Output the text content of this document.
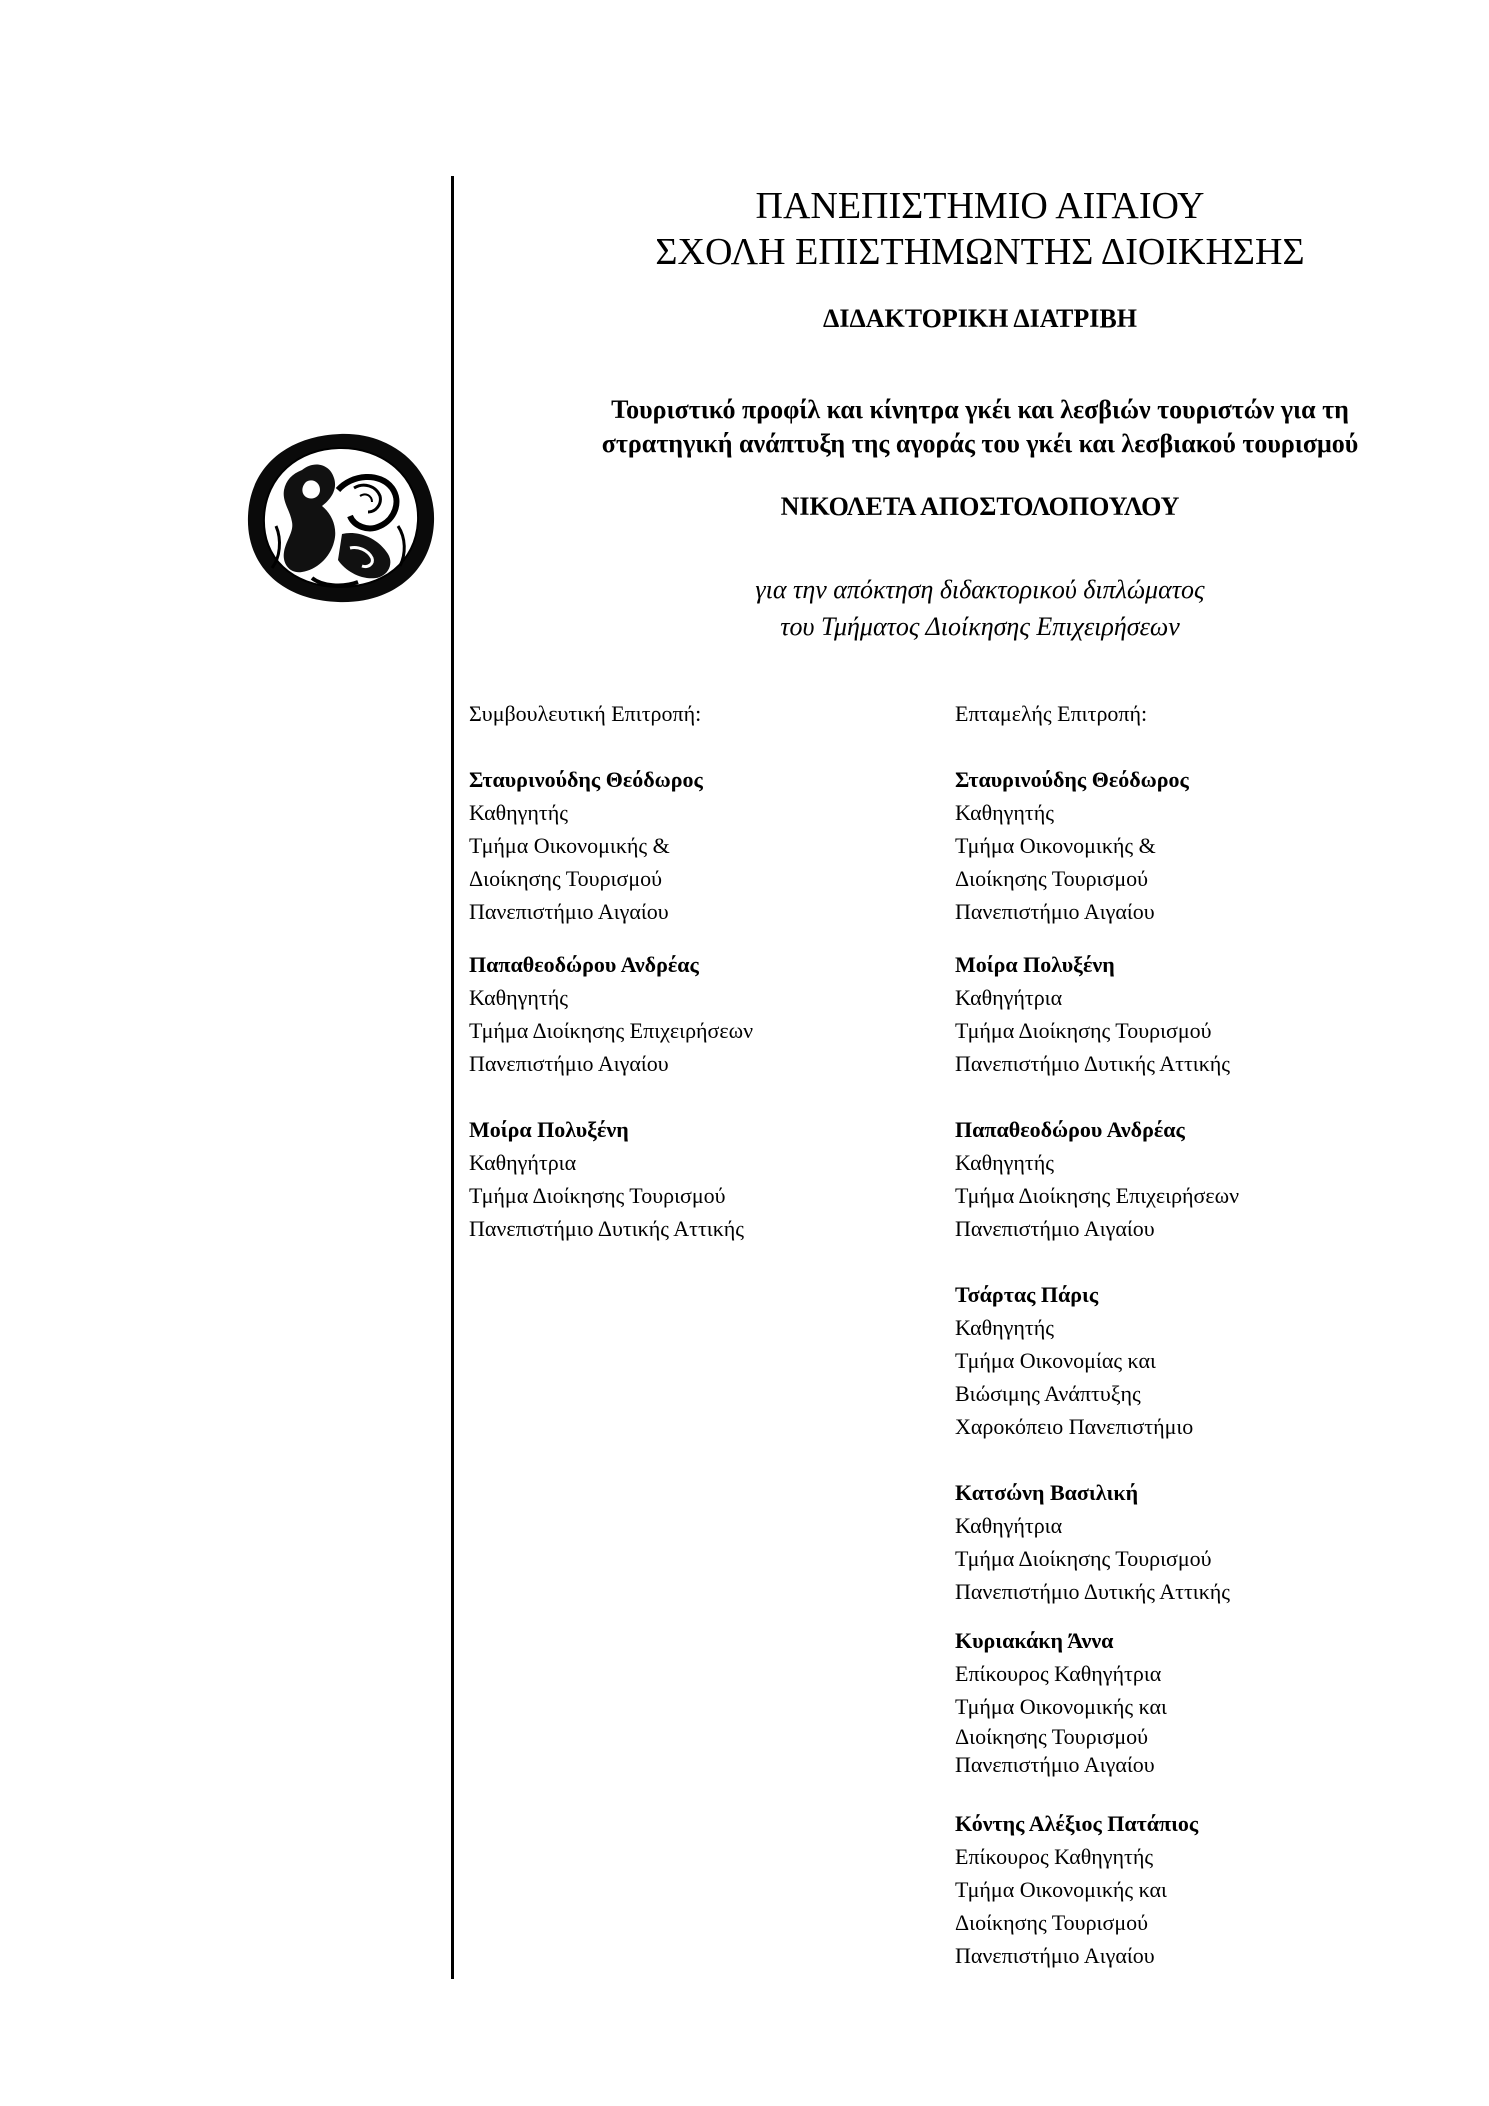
ΠΑΝΕΠΙΣΤΗΜΙΟ ΑΙΓΑΙΟΥ
ΣΧΟΛΗ ΕΠΙΣΤΗΜΩΝΤΗΣ ΔΙΟΙΚΗΣΗΣ
ΔΙΔΑΚΤΟΡΙΚΗ ΔΙΑΤΡΙΒΗ
Τουριστικό προφίλ και κίνητρα γκέι και λεσβιών τουριστών για τη
στρατηγική ανάπτυξη της αγοράς του γκέι και λεσβιακού τουρισμού
ΝΙΚΟΛΕΤΑ ΑΠΟΣΤΟΛΟΠΟΥΛΟΥ
για την απόκτηση διδακτορικού διπλώματος
του Τμήματος Διοίκησης Επιχειρήσεων
Συμβουλευτική Επιτροπή:
Σταυρινούδης Θεόδωρος
Καθηγητής
Τμήμα Οικονομικής &
Διοίκησης Τουρισμού
Πανεπιστήμιο Αιγαίου
Παπαθεοδώρου Ανδρέας
Καθηγητής
Τμήμα Διοίκησης Επιχειρήσεων
Πανεπιστήμιο Αιγαίου
Μοίρα Πολυξένη
Καθηγήτρια
Τμήμα Διοίκησης Τουρισμού
Πανεπιστήμιο Δυτικής Αττικής
Επταμελής Επιτροπή:
Σταυρινούδης Θεόδωρος
Καθηγητής
Τμήμα Οικονομικής &
Διοίκησης Τουρισμού
Πανεπιστήμιο Αιγαίου
Μοίρα Πολυξένη
Καθηγήτρια
Τμήμα Διοίκησης Τουρισμού
Πανεπιστήμιο Δυτικής Αττικής
Παπαθεοδώρου Ανδρέας
Καθηγητής
Τμήμα Διοίκησης Επιχειρήσεων
Πανεπιστήμιο Αιγαίου
Τσάρτας Πάρις
Καθηγητής
Τμήμα Οικονομίας και
Βιώσιμης Ανάπτυξης
Χαροκόπειο Πανεπιστήμιο
Κατσώνη Βασιλική
Καθηγήτρια
Τμήμα Διοίκησης Τουρισμού
Πανεπιστήμιο Δυτικής Αττικής
Κυριακάκη Άννα
Επίκουρος Καθηγήτρια
Τμήμα Οικονομικής και
Διοίκησης Τουρισμού
Πανεπιστήμιο Αιγαίου
Κόντης Αλέξιος Πατάπιος
Επίκουρος Καθηγητής
Τμήμα Οικονομικής και
Διοίκησης Τουρισμού
Πανεπιστήμιο Αιγαίου
